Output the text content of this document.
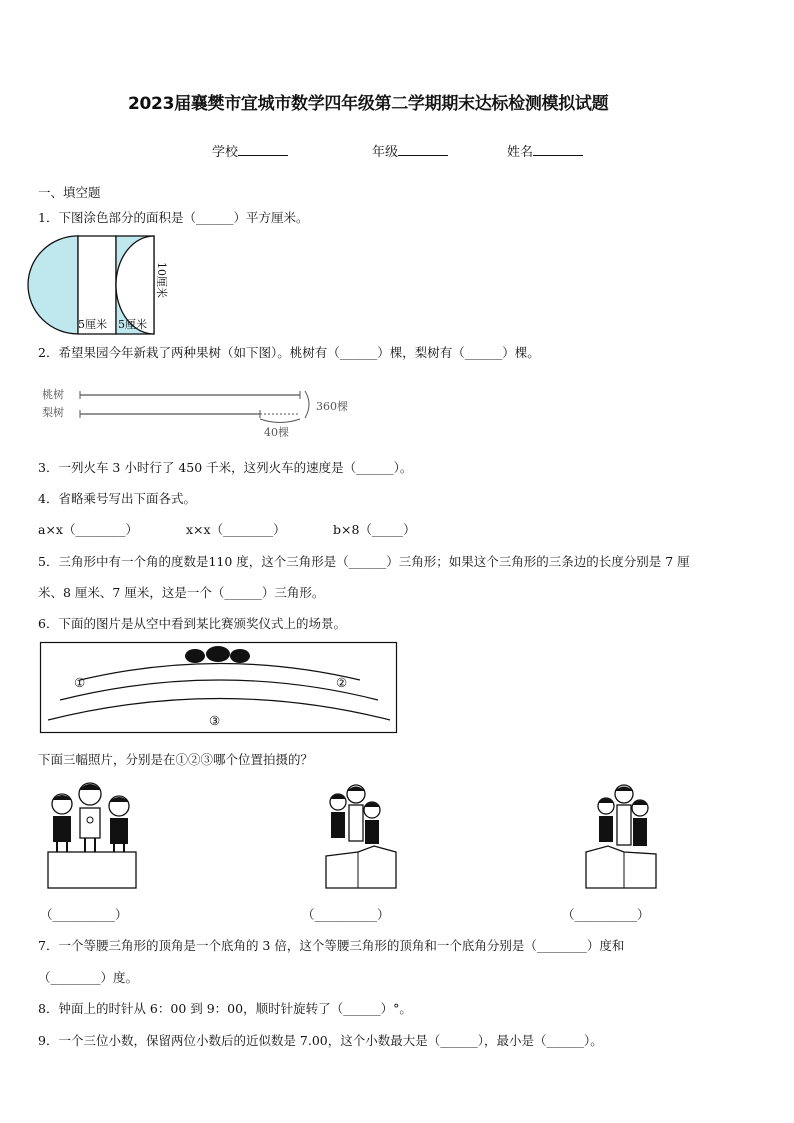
2023届襄樊市宜城市数学四年级第二学期期末达标检测模拟试题
学校	年级	姓名
一、填空题
1．下图涂色部分的面积是（______）平方厘米。
5厘米 5厘米
10厘米
2．希望果园今年新栽了两种果树（如下图）。桃树有（______）棵，梨树有（______）棵。
桃树
梨树	360棵
40棵
3．一列火车 3 小时行了 450 千米，这列火车的速度是（______）。
4．省略乘号写出下面各式。
a×x（________）	x×x（________）	b×8（_____）
5．三角形中有一个角的度数是110 度，这个三角形是（______）三角形；如果这个三角形的三条边的长度分别是 7 厘
米、8 厘米、7 厘米，这是一个（______）三角形。
6．下面的图片是从空中看到某比赛颁奖仪式上的场景。
①	②
③
下面三幅照片，分别是在①②③哪个位置拍摄的？
（__________）	（__________）	（__________）
7．一个等腰三角形的顶角是一个底角的 3 倍，这个等腰三角形的顶角和一个底角分别是（________）度和
（________）度。
8．钟面上的时针从 6：00 到 9：00，顺时针旋转了（______）°。
9．一个三位小数，保留两位小数后的近似数是 7.00，这个小数最大是（______），最小是（______）。
